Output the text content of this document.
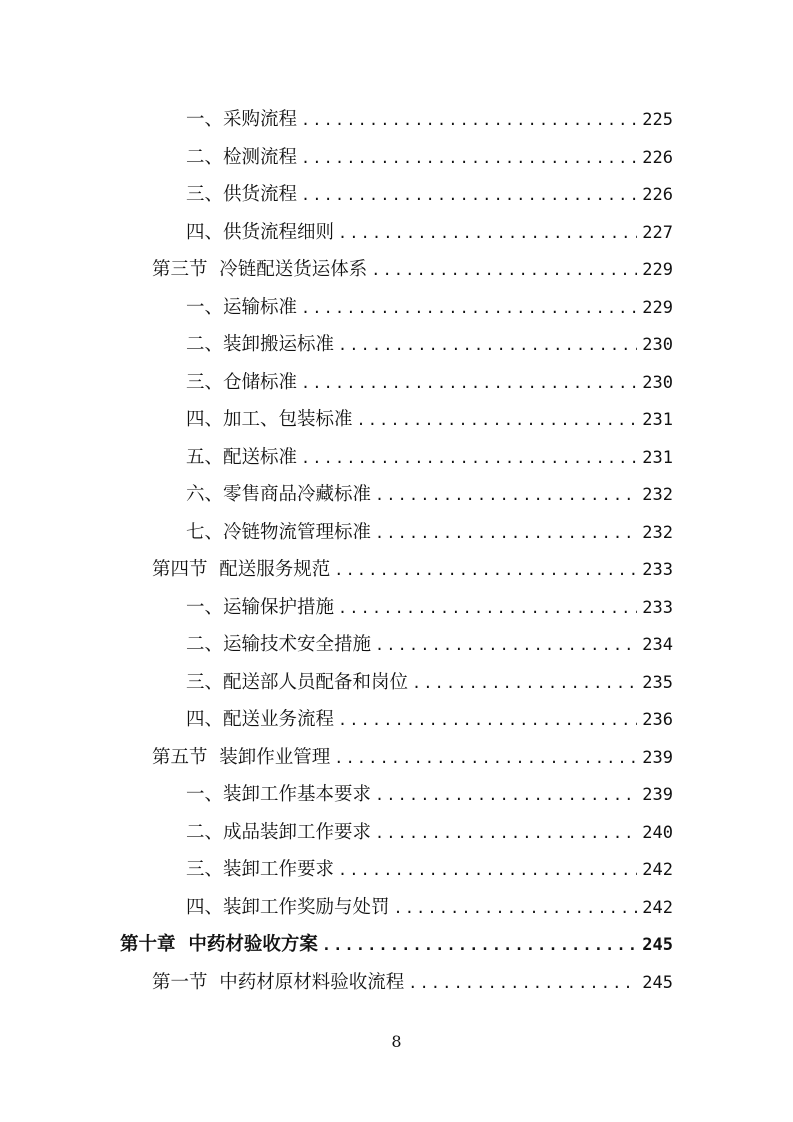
一、采购流程 .....	225
二、检测流程 .....	226
三、供货流程 .....	226
四、供货流程细则 .....	227
第三节  冷链配送货运体系 .....	229
一、运输标准 .....	229
二、装卸搬运标准 .....	230
三、仓储标准 .....	230
四、加工、包装标准 .....	231
五、配送标准 .....	231
六、零售商品冷藏标准 .....	232
七、冷链物流管理标准 .....	232
第四节  配送服务规范 .....	233
一、运输保护措施 .....	233
二、运输技术安全措施 .....	234
三、配送部人员配备和岗位 .....	235
四、配送业务流程 .....	236
第五节  装卸作业管理 .....	239
一、装卸工作基本要求 .....	239
二、成品装卸工作要求 .....	240
三、装卸工作要求 .....	242
四、装卸工作奖励与处罚 .....	242
第十章  中药材验收方案 .....	245
第一节  中药材原材料验收流程 .....	245
8
